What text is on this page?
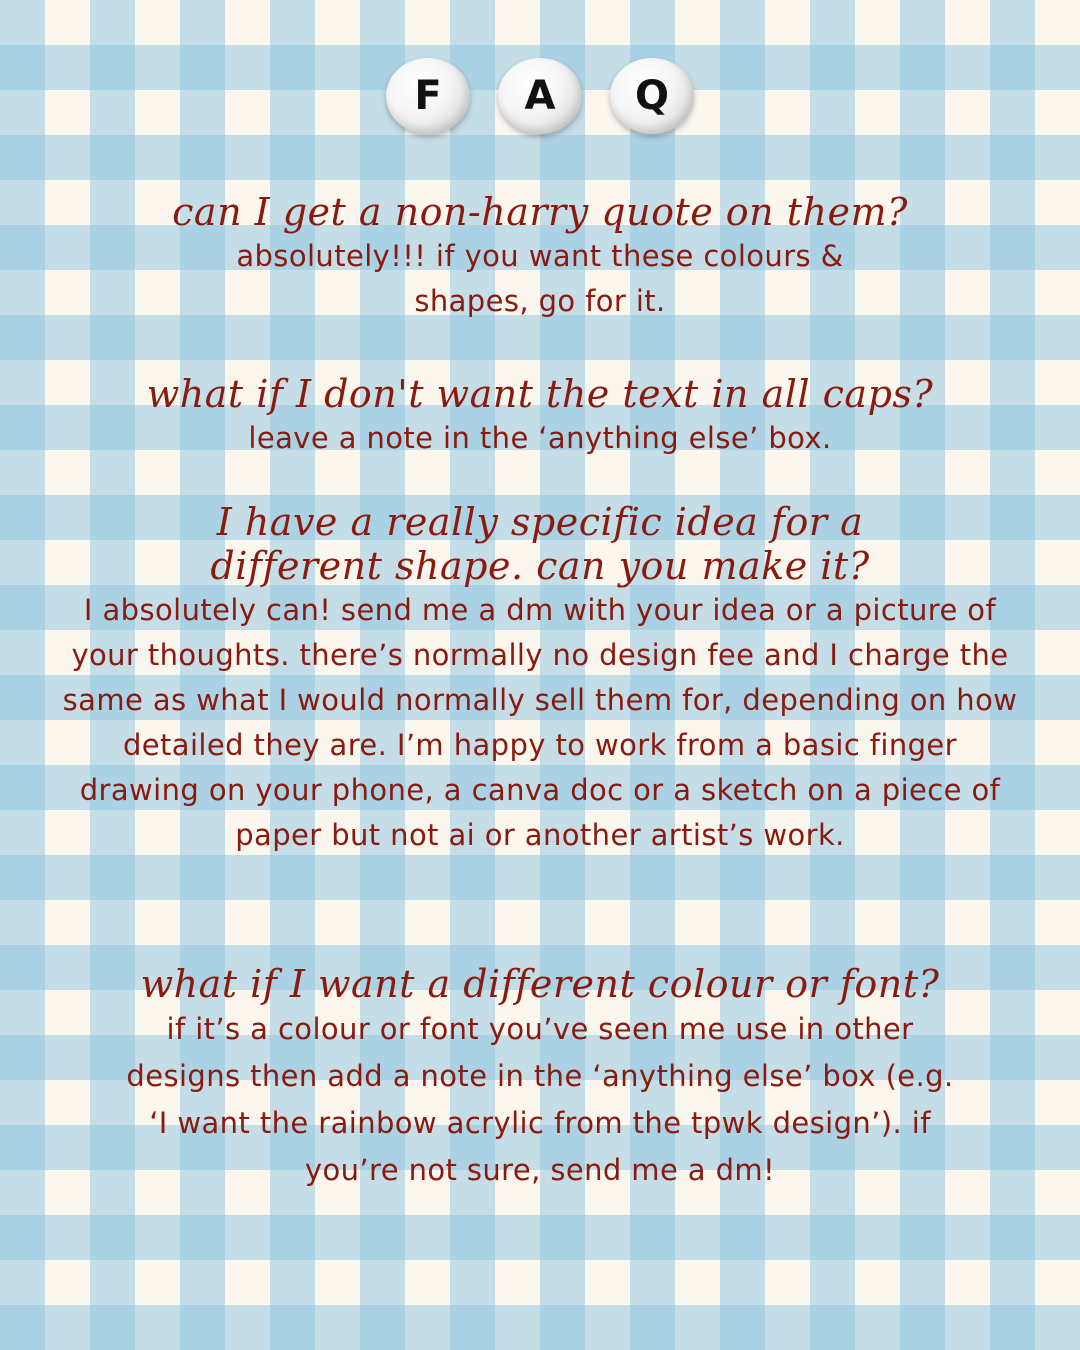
F	A	Q

can I get a non-harry quote on them?

absolutely!!! if you want these colours & shapes, go for it.

what if I don't want the text in all caps?

leave a note in the ‘anything else’ box.

I have a really specific idea for a different shape. can you make it?

I absolutely can! send me a dm with your idea or a picture of your thoughts. there’s normally no design fee and I charge the same as what I would normally sell them for, depending on how detailed they are. I’m happy to work from a basic finger drawing on your phone, a canva doc or a sketch on a piece of paper but not ai or another artist’s work.

what if I want a different colour or font?

if it’s a colour or font you’ve seen me use in other designs then add a note in the ‘anything else’ box (e.g. ‘I want the rainbow acrylic from the tpwk design’). if you’re not sure, send me a dm!
